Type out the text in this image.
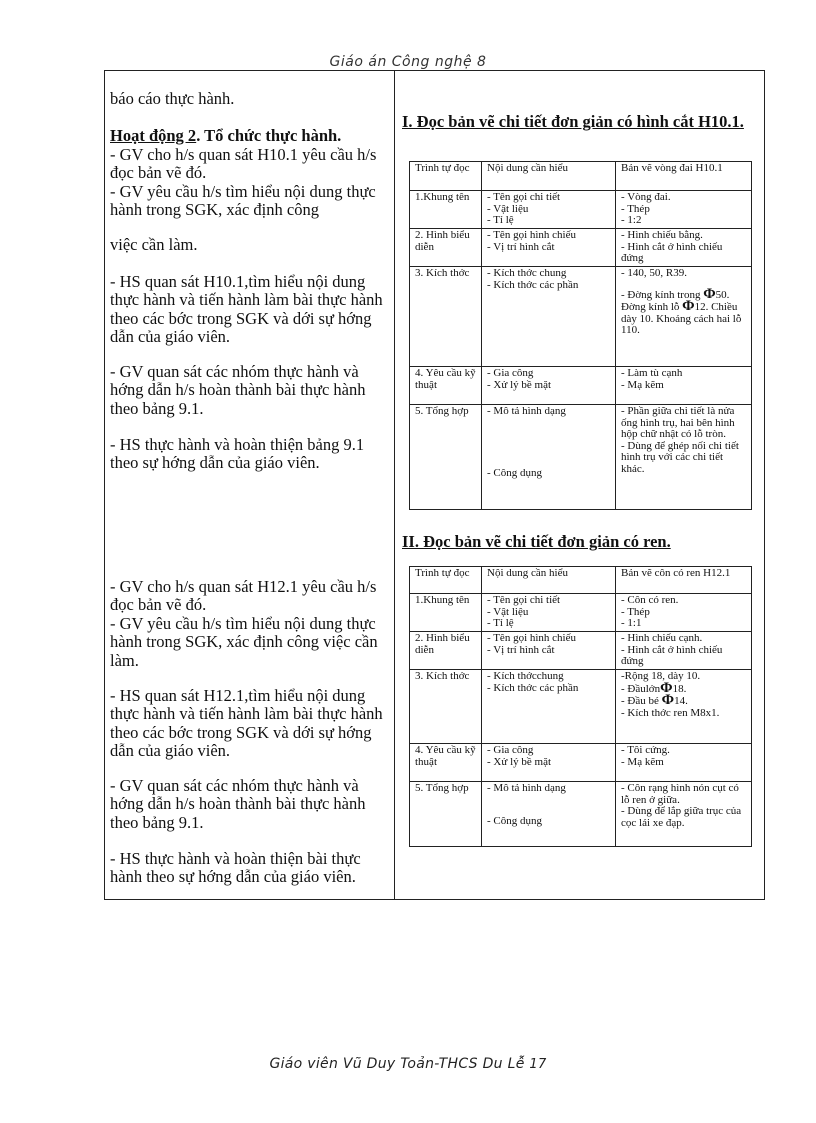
Giáo án Công nghệ 8

báo cáo thực hành.

Hoạt động 2. Tổ chức thực hành.

- GV cho h/s quan sát H10.1 yêu cầu h/s đọc bản vẽ đó.

- GV yêu cầu h/s tìm hiểu nội dung thực hành trong SGK, xác định công

việc cần làm.

- HS quan sát H10.1,tìm hiểu nội dung thực hành và tiến hành làm bài thực hành theo các bớc trong SGK và dới sự hớng dẫn của giáo viên.

- GV quan sát các nhóm thực hành và hớng dẫn h/s hoàn thành bài thực hành theo bảng 9.1.

- HS thực hành và hoàn thiện bảng 9.1 theo sự hớng dẫn của giáo viên.

- GV cho h/s quan sát H12.1 yêu cầu h/s đọc bản vẽ đó.

- GV yêu cầu h/s tìm hiểu nội dung thực hành trong SGK, xác định công việc cần làm.

- HS quan sát H12.1,tìm hiểu nội dung thực hành và tiến hành làm bài thực hành theo các bớc trong SGK và dới sự hớng dẫn của giáo viên.

- GV quan sát các nhóm thực hành và hớng dẫn h/s hoàn thành bài thực hành theo bảng 9.1.

- HS thực hành và hoàn thiện bài thực hành theo sự hớng dẫn của giáo viên.

I. Đọc bản vẽ chi tiết đơn giản có hình cắt H10.1.
Trình tự đọc	Nội dung cần hiểu	Bản vẽ vòng đai H10.1
1.Khung tên	- Tên gọi chi tiết
- Vật liệu
- Tỉ lệ	- Vòng đai.
- Thép
- 1:2

2. Hình biểu diễn	- Tên gọi hình chiếu
- Vị trí hình cắt	- Hình chiếu bằng.
- Hình cắt ở hình chiếu đứng

3. Kích thớc	- Kích thớc chung
- Kích thớc các phần	- 140, 50, R39.
- Đờng kính trong Φ50. Đờng kính lỗ Φ12. Chiều dày 10. Khoảng cách hai lỗ 110.

4. Yêu cầu kỹ thuật	- Gia công
- Xử lý bề mặt	- Làm tù cạnh
- Mạ kẽm

5. Tổng hợp	- Mô tả hình dạng
- Công dụng	- Phần giữa chi tiết là nửa ống hình trụ, hai bên hình hộp chữ nhật có lỗ tròn.
- Dùng để ghép nối chi tiết hình trụ với các chi tiết khác.
II. Đọc bản vẽ chi tiết đơn giản có ren.
Trình tự đọc	Nội dung cần hiểu	Bản vẽ côn có ren H12.1
1.Khung tên	- Tên gọi chi tiết
- Vật liệu
- Tỉ lệ	- Côn có ren.
- Thép
- 1:1

2. Hình biểu diễn	- Tên gọi hình chiếu
- Vị trí hình cắt	- Hình chiếu cạnh.
- Hình cắt ở hình chiếu đứng

3. Kích thớc	- Kích thớcchung
- Kích thớc các phần	-Rộng 18, dày 10.
- ĐầulớnΦ18.
- Đầu bé Φ14.
- Kích thớc ren M8x1.

4. Yêu cầu kỹ thuật	- Gia công
- Xử lý bề mặt	- Tôi cứng.
- Mạ kẽm

5. Tổng hợp	- Mô tả hình dạng
- Công dụng	- Côn rạng hình nón cụt có lỗ ren ở giữa.
- Dùng để lắp giữa trục của cọc lái xe đạp.
Giáo viên Vũ Duy Toản-THCS Du Lễ 17
